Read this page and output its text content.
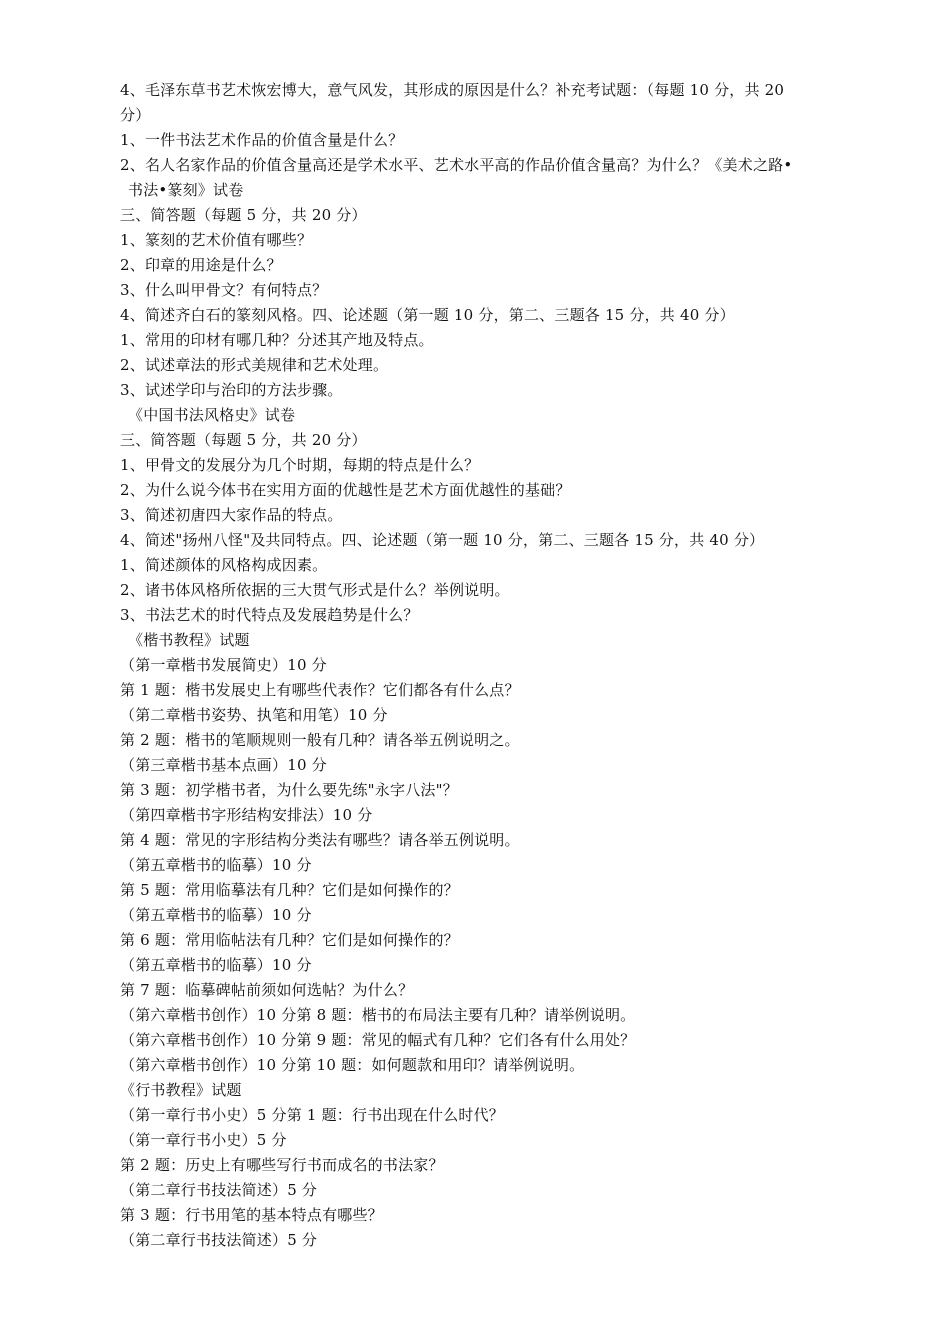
4、毛泽东草书艺术恢宏博大，意气风发，其形成的原因是什么？补充考试题：（每题 10 分，共 20
分）
1、一件书法艺术作品的价值含量是什么？
2、名人名家作品的价值含量高还是学术水平、艺术水平高的作品价值含量高？为什么？《美术之路•
书法•篆刻》试卷
三、简答题（每题 5 分，共 20 分）
1、篆刻的艺术价值有哪些？
2、印章的用途是什么？
3、什么叫甲骨文？有何特点？
4、简述齐白石的篆刻风格。四、论述题（第一题 10 分，第二、三题各 15 分，共 40 分）
1、常用的印材有哪几种？分述其产地及特点。
2、试述章法的形式美规律和艺术处理。
3、试述学印与治印的方法步骤。
《中国书法风格史》试卷
三、简答题（每题 5 分，共 20 分）
1、甲骨文的发展分为几个时期，每期的特点是什么？
2、为什么说今体书在实用方面的优越性是艺术方面优越性的基础？
3、简述初唐四大家作品的特点。
4、简述"扬州八怪"及共同特点。四、论述题（第一题 10 分，第二、三题各 15 分，共 40 分）
1、简述颜体的风格构成因素。
2、诸书体风格所依据的三大贯气形式是什么？举例说明。
3、书法艺术的时代特点及发展趋势是什么？
《楷书教程》试题
（第一章楷书发展简史）10 分
第 1 题：楷书发展史上有哪些代表作？它们都各有什么点？
（第二章楷书姿势、执笔和用笔）10 分
第 2 题：楷书的笔顺规则一般有几种？请各举五例说明之。
（第三章楷书基本点画）10 分
第 3 题：初学楷书者，为什么要先练"永字八法"？
（第四章楷书字形结构安排法）10 分
第 4 题：常见的字形结构分类法有哪些？请各举五例说明。
（第五章楷书的临摹）10 分
第 5 题：常用临摹法有几种？它们是如何操作的？
（第五章楷书的临摹）10 分
第 6 题：常用临帖法有几种？它们是如何操作的？
（第五章楷书的临摹）10 分
第 7 题：临摹碑帖前须如何选帖？为什么？
（第六章楷书创作）10 分第 8 题：楷书的布局法主要有几种？请举例说明。
（第六章楷书创作）10 分第 9 题：常见的幅式有几种？它们各有什么用处？
（第六章楷书创作）10 分第 10 题：如何题款和用印？请举例说明。
《行书教程》试题
（第一章行书小史）5 分第 1 题：行书出现在什么时代？
（第一章行书小史）5 分
第 2 题：历史上有哪些写行书而成名的书法家？
（第二章行书技法简述）5 分
第 3 题：行书用笔的基本特点有哪些？
（第二章行书技法简述）5 分
